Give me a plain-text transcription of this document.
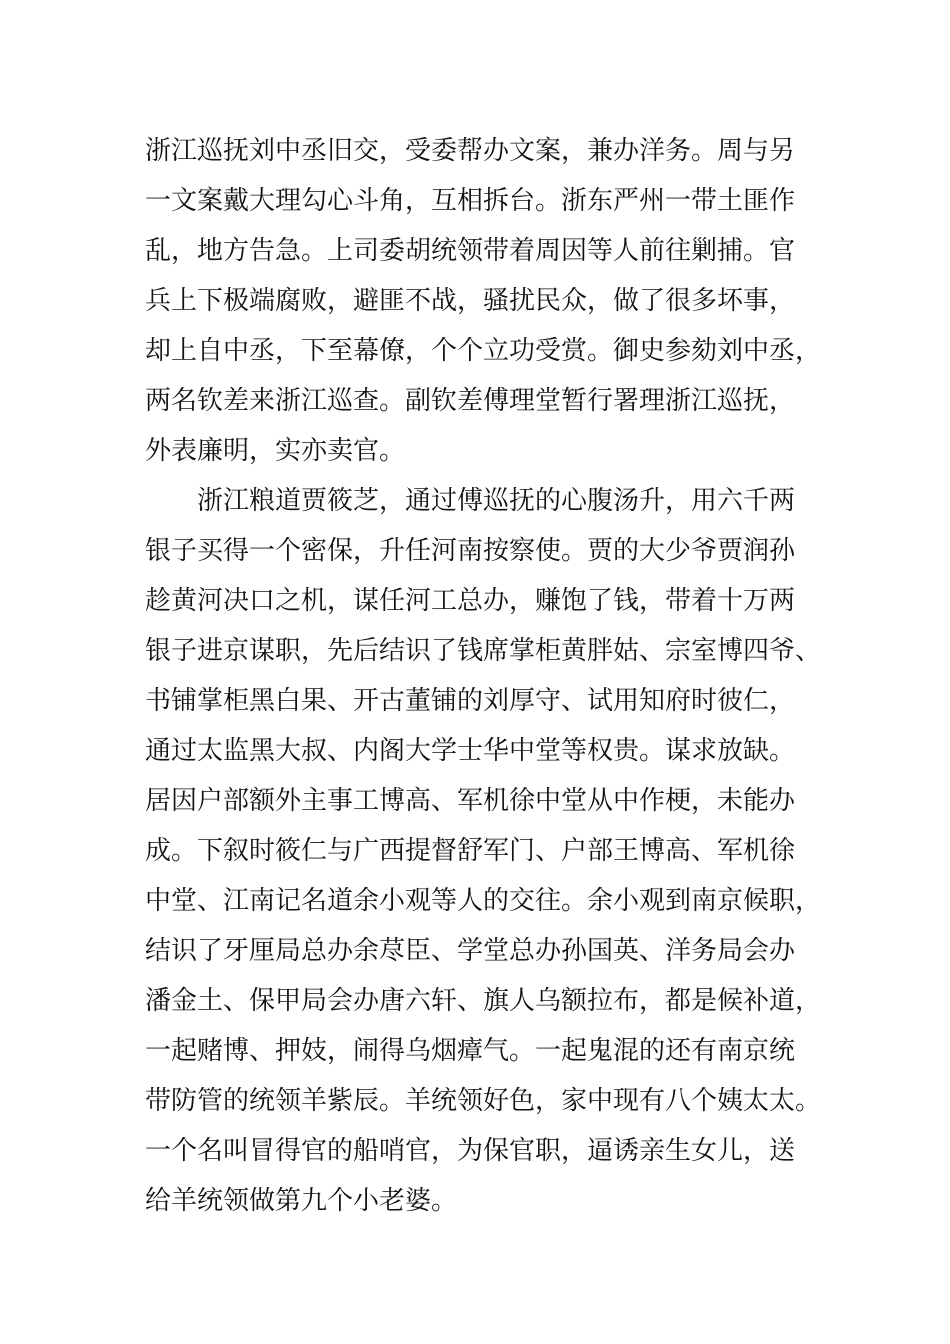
浙江巡抚刘中丞旧交，受委帮办文案，兼办洋务。周与另
一文案戴大理勾心斗角，互相拆台。浙东严州一带土匪作
乱，地方告急。上司委胡统领带着周因等人前往剿捕。官
兵上下极端腐败，避匪不战，骚扰民众，做了很多坏事，
却上自中丞，下至幕僚，个个立功受赏。御史参劾刘中丞，
两名钦差来浙江巡查。副钦差傅理堂暂行署理浙江巡抚，
外表廉明，实亦卖官。
浙江粮道贾筱芝，通过傅巡抚的心腹汤升，用六千两
银子买得一个密保，升任河南按察使。贾的大少爷贾润孙
趁黄河决口之机，谋任河工总办，赚饱了钱，带着十万两
银子进京谋职，先后结识了钱席掌柜黄胖姑、宗室博四爷、
书铺掌柜黑白果、开古董铺的刘厚守、试用知府时彼仁，
通过太监黑大叔、内阁大学士华中堂等权贵。谋求放缺。
居因户部额外主事工博高、军机徐中堂从中作梗，未能办
成。下叙时筱仁与广西提督舒军门、户部王博高、军机徐
中堂、江南记名道余小观等人的交往。余小观到南京候职，
结识了牙厘局总办余荩臣、学堂总办孙国英、洋务局会办
潘金土、保甲局会办唐六轩、旗人乌额拉布，都是候补道，
一起赌博、押妓，闹得乌烟瘴气。一起鬼混的还有南京统
带防管的统领羊紫辰。羊统领好色，家中现有八个姨太太。
一个名叫冒得官的船哨官，为保官职，逼诱亲生女儿，送
给羊统领做第九个小老婆。
